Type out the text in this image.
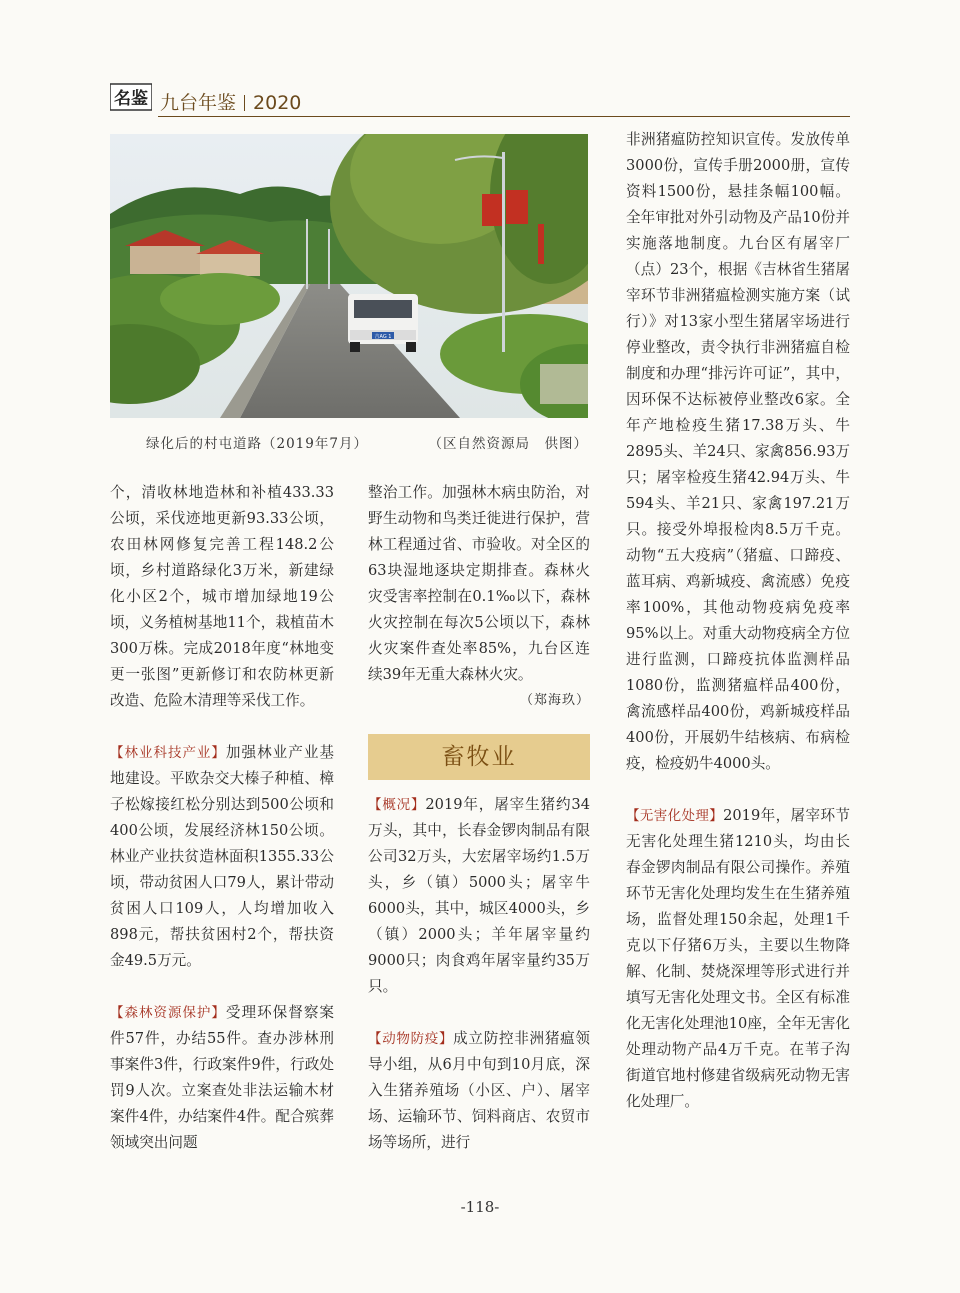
名鉴 九台年鉴 2020
吉AG 1
绿化后的村屯道路（2019年7月）	（区自然资源局　供图）

个，清收林地造林和补植433.33公顷，采伐迹地更新93.33公顷，农田林网修复完善工程148.2公顷，乡村道路绿化3万米，新建绿化小区2个，城市增加绿地19公顷，义务植树基地11个，栽植苗木300万株。完成2018年度“林地变更一张图”更新修订和农防林更新改造、危险木清理等采伐工作。

【林业科技产业】加强林业产业基地建设。平欧杂交大榛子种植、樟子松嫁接红松分别达到500公顷和400公顷，发展经济林150公顷。林业产业扶贫造林面积1355.33公顷，带动贫困人口79人，累计带动贫困人口109人，人均增加收入898元，帮扶贫困村2个，帮扶资金49.5万元。

【森林资源保护】受理环保督察案件57件，办结55件。查办涉林刑事案件3件，行政案件9件，行政处罚9人次。立案查处非法运输木材案件4件，办结案件4件。配合殡葬领域突出问题

整治工作。加强林木病虫防治，对野生动物和鸟类迁徙进行保护，营林工程通过省、市验收。对全区的63块湿地逐块定期排查。森林火灾受害率控制在0.1‰以下，森林火灾控制在每次5公顷以下，森林火灾案件查处率85%，九台区连续39年无重大森林火灾。

（郑海玖）

畜牧业

【概况】2019年，屠宰生猪约34万头，其中，长春金锣肉制品有限公司32万头，大宏屠宰场约1.5万头，乡（镇）5000头；屠宰牛6000头，其中，城区4000头，乡（镇）2000头；羊年屠宰量约9000只；肉食鸡年屠宰量约35万只。

【动物防疫】成立防控非洲猪瘟领导小组，从6月中旬到10月底，深入生猪养殖场（小区、户）、屠宰场、运输环节、饲料商店、农贸市场等场所，进行

非洲猪瘟防控知识宣传。发放传单3000份，宣传手册2000册，宣传资料1500份，悬挂条幅100幅。全年审批对外引动物及产品10份并实施落地制度。九台区有屠宰厂（点）23个，根据《吉林省生猪屠宰环节非洲猪瘟检测实施方案（试行）》对13家小型生猪屠宰场进行停业整改，责令执行非洲猪瘟自检制度和办理“排污许可证”，其中，因环保不达标被停业整改6家。全年产地检疫生猪17.38万头、牛2895头、羊24只、家禽856.93万只；屠宰检疫生猪42.94万头、牛594头、羊21只、家禽197.21万只。接受外埠报检肉8.5万千克。动物“五大疫病”（猪瘟、口蹄疫、蓝耳病、鸡新城疫、禽流感）免疫率100%，其他动物疫病免疫率95%以上。对重大动物疫病全方位进行监测，口蹄疫抗体监测样品1080份，监测猪瘟样品400份，禽流感样品400份，鸡新城疫样品400份，开展奶牛结核病、布病检疫，检疫奶牛4000头。

【无害化处理】2019年，屠宰环节无害化处理生猪1210头，均由长春金锣肉制品有限公司操作。养殖环节无害化处理均发生在生猪养殖场，监督处理150余起，处理1千克以下仔猪6万头，主要以生物降解、化制、焚烧深埋等形式进行并填写无害化处理文书。全区有标准化无害化处理池10座，全年无害化处理动物产品4万千克。在苇子沟街道官地村修建省级病死动物无害化处理厂。

-118-
